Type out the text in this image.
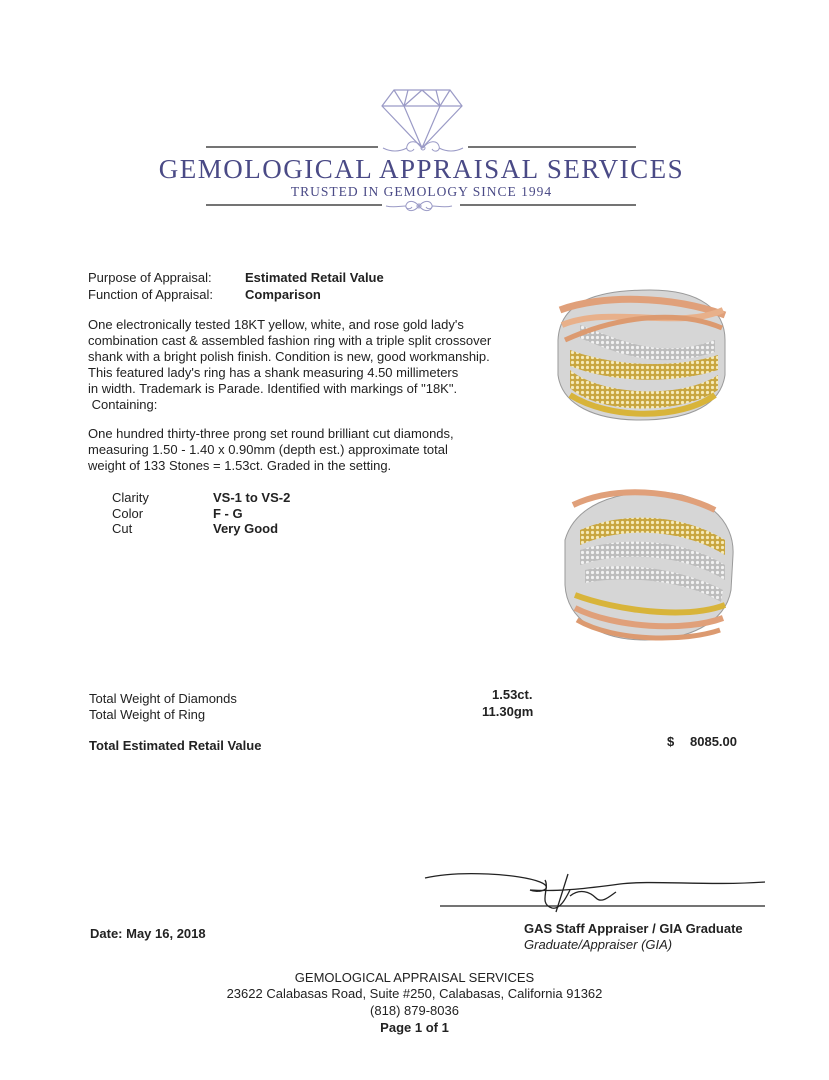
GEMOLOGICAL APPRAISAL SERVICES
TRUSTED IN GEMOLOGY SINCE 1994
Purpose of Appraisal:	Estimated Retail Value
Function of Appraisal: Comparison
One electronically tested 18KT yellow, white, and rose gold lady's
combination cast & assembled fashion ring with a triple split crossover
shank with a bright polish finish. Condition is new, good workmanship.
This featured lady's ring has a shank measuring 4.50 millimeters
in width. Trademark is Parade. Identified with markings of "18K".
Containing:
One hundred thirty-three prong set round brilliant cut diamonds,
measuring 1.50 - 1.40 x 0.90mm (depth est.) approximate total
weight of 133 Stones = 1.53ct. Graded in the setting.
Clarity	VS-1 to VS-2
Color	F - G
Cut	Very Good
Total Weight of Diamonds	1.53ct.
Total Weight of Ring	11.30gm
Total Estimated Retail Value	$ 8085.00
Date: May 16, 2018	GAS Staff Appraiser / GIA Graduate
Graduate/Appraiser (GIA)
GEMOLOGICAL APPRAISAL SERVICES
23622 Calabasas Road, Suite #250, Calabasas, California 91362
(818) 879-8036
Page 1 of 1
